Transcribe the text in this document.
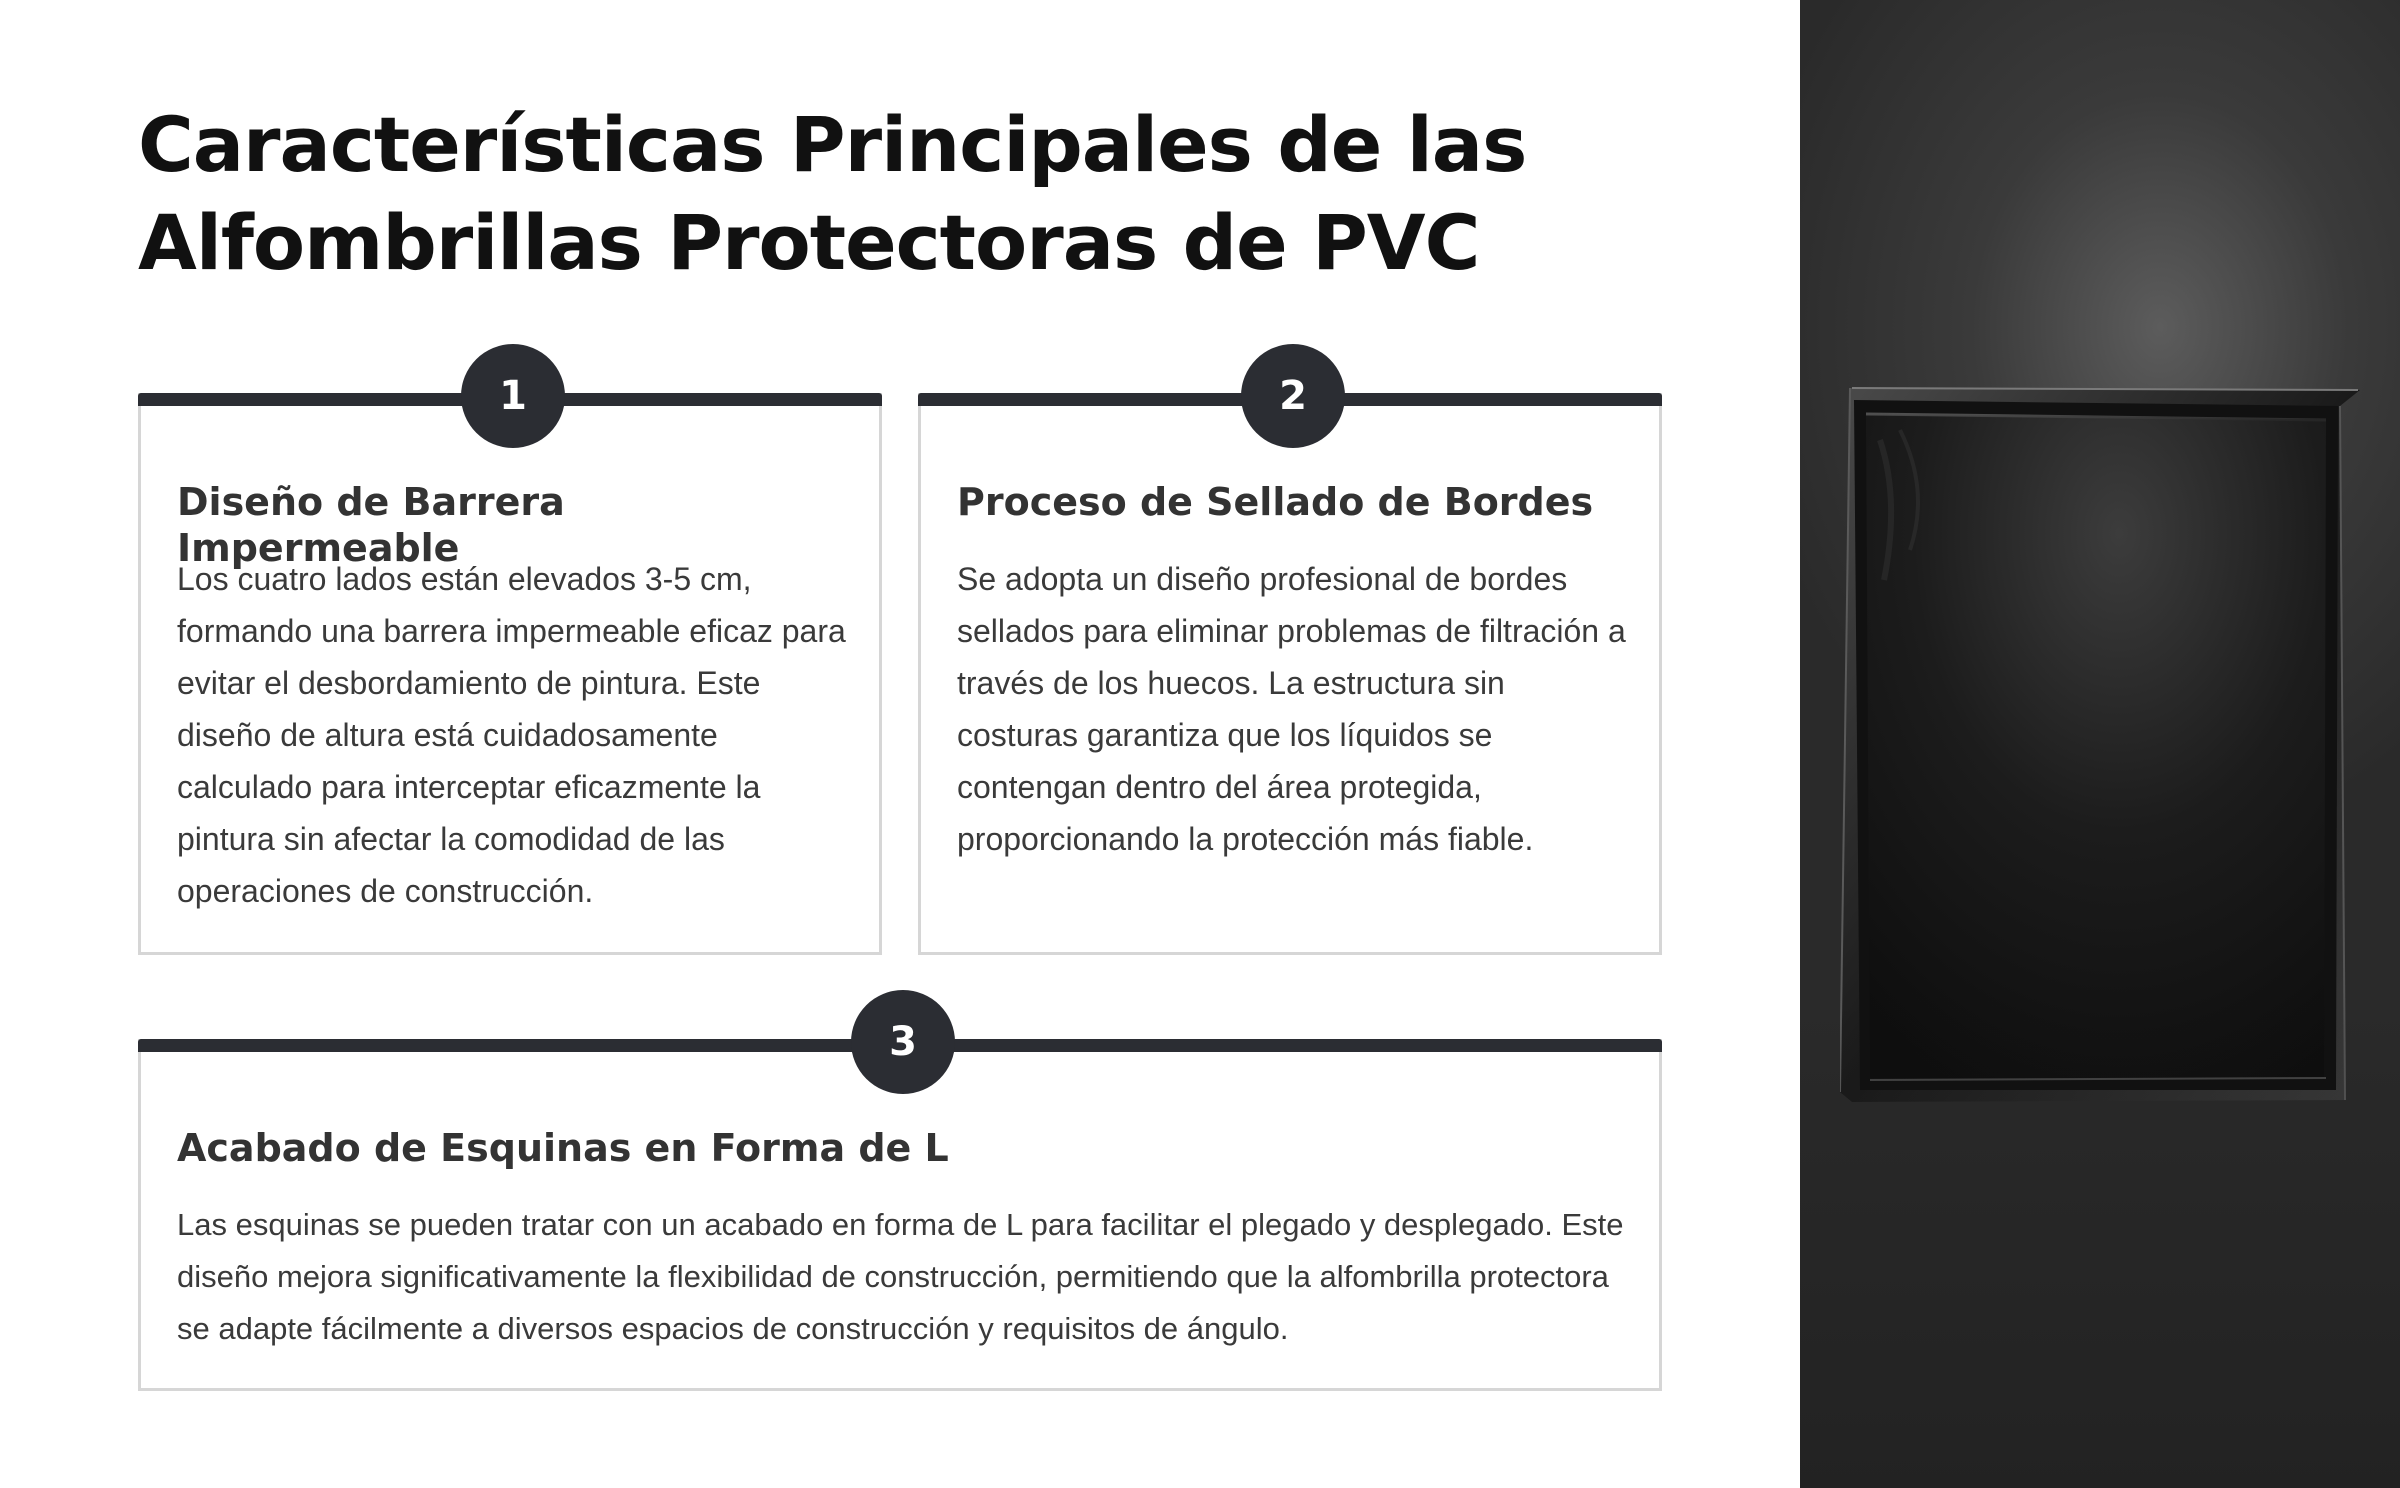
Características Principales de las Alfombrillas Protectoras de PVC
1
Diseño de Barrera Impermeable

Los cuatro lados están elevados 3-5 cm, formando una barrera impermeable eficaz para evitar el desbordamiento de pintura. Este diseño de altura está cuidadosamente calculado para interceptar eficazmente la pintura sin afectar la comodidad de las operaciones de construcción.

2
Proceso de Sellado de Bordes

Se adopta un diseño profesional de bordes sellados para eliminar problemas de filtración a través de los huecos. La estructura sin costuras garantiza que los líquidos se contengan dentro del área protegida, proporcionando la protección más fiable.

3
Acabado de Esquinas en Forma de L

Las esquinas se pueden tratar con un acabado en forma de L para facilitar el plegado y desplegado. Este diseño mejora significativamente la flexibilidad de construcción, permitiendo que la alfombrilla protectora se adapte fácilmente a diversos espacios de construcción y requisitos de ángulo.
